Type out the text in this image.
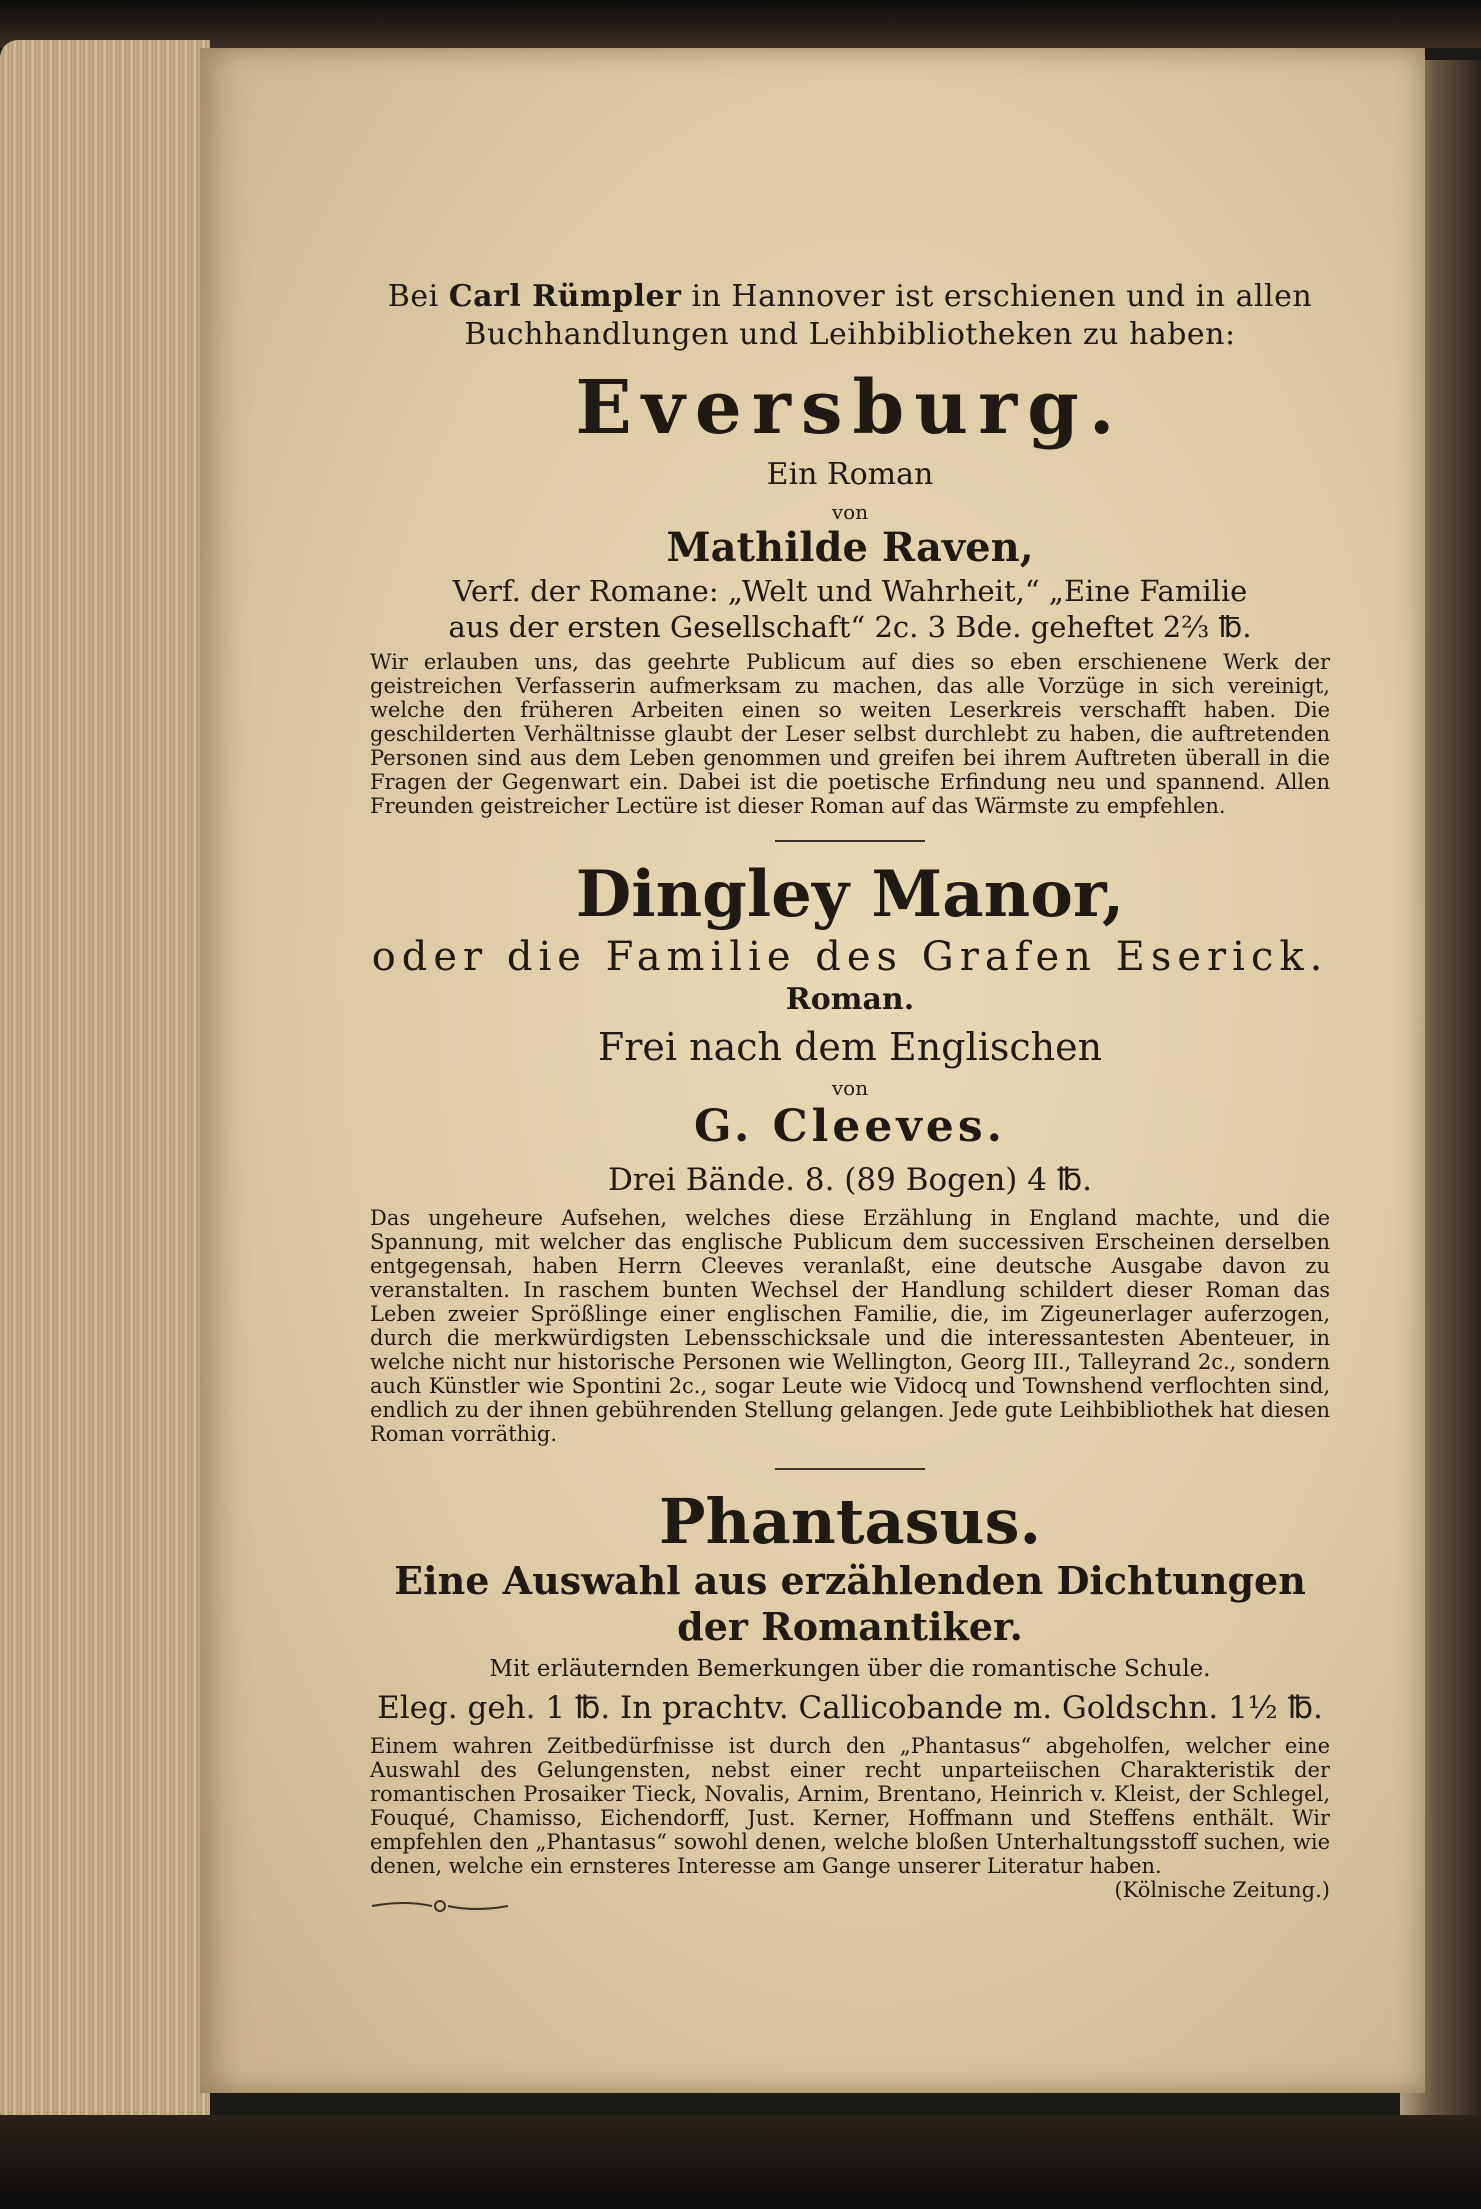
Bei Carl Rümpler in Hannover ist erschienen und in allen Buchhandlungen und Leihbibliotheken zu haben:

Eversburg.

Ein Roman

von

Mathilde Raven,

Verf. der Romane: „Welt und Wahrheit,“ „Eine Familie

aus der ersten Gesellschaft“ 2c. 3 Bde. geheftet 2⅔ ℔.

Wir erlauben uns, das geehrte Publicum auf dies so eben erschienene Werk der geistreichen Verfasserin aufmerksam zu machen, das alle Vorzüge in sich vereinigt, welche den früheren Arbeiten einen so weiten Leserkreis verschafft haben. Die geschilderten Verhältnisse glaubt der Leser selbst durchlebt zu haben, die auftretenden Personen sind aus dem Leben genommen und greifen bei ihrem Auftreten überall in die Fragen der Gegenwart ein. Dabei ist die poetische Erfindung neu und spannend. Allen Freunden geistreicher Lectüre ist dieser Roman auf das Wärmste zu empfehlen.

Dingley Manor,

oder die Familie des Grafen Eserick.

Roman.

Frei nach dem Englischen

von

G. Cleeves.

Drei Bände. 8. (89 Bogen) 4 ℔.

Das ungeheure Aufsehen, welches diese Erzählung in England machte, und die Spannung, mit welcher das englische Publicum dem successiven Erscheinen derselben entgegensah, haben Herrn Cleeves veranlaßt, eine deutsche Ausgabe davon zu veranstalten. In raschem bunten Wechsel der Handlung schildert dieser Roman das Leben zweier Sprößlinge einer englischen Familie, die, im Zigeunerlager auferzogen, durch die merkwürdigsten Lebensschicksale und die interessantesten Abenteuer, in welche nicht nur historische Personen wie Wellington, Georg III., Talleyrand 2c., sondern auch Künstler wie Spontini 2c., sogar Leute wie Vidocq und Townshend verflochten sind, endlich zu der ihnen gebührenden Stellung gelangen. Jede gute Leihbibliothek hat diesen Roman vorräthig.

Phantasus.

Eine Auswahl aus erzählenden Dichtungen der Romantiker.

Mit erläuternden Bemerkungen über die romantische Schule.

Eleg. geh. 1 ℔. In prachtv. Callicobande m. Goldschn. 1½ ℔.

Einem wahren Zeitbedürfnisse ist durch den „Phantasus“ abgeholfen, welcher eine Auswahl des Gelungensten, nebst einer recht unparteiischen Charakteristik der romantischen Prosaiker Tieck, Novalis, Arnim, Brentano, Heinrich v. Kleist, der Schlegel, Fouqué, Chamisso, Eichendorff, Just. Kerner, Hoffmann und Steffens enthält. Wir empfehlen den „Phantasus“ sowohl denen, welche bloßen Unterhaltungsstoff suchen, wie denen, welche ein ernsteres Interesse am Gange unserer Literatur haben.
(Kölnische Zeitung.)
